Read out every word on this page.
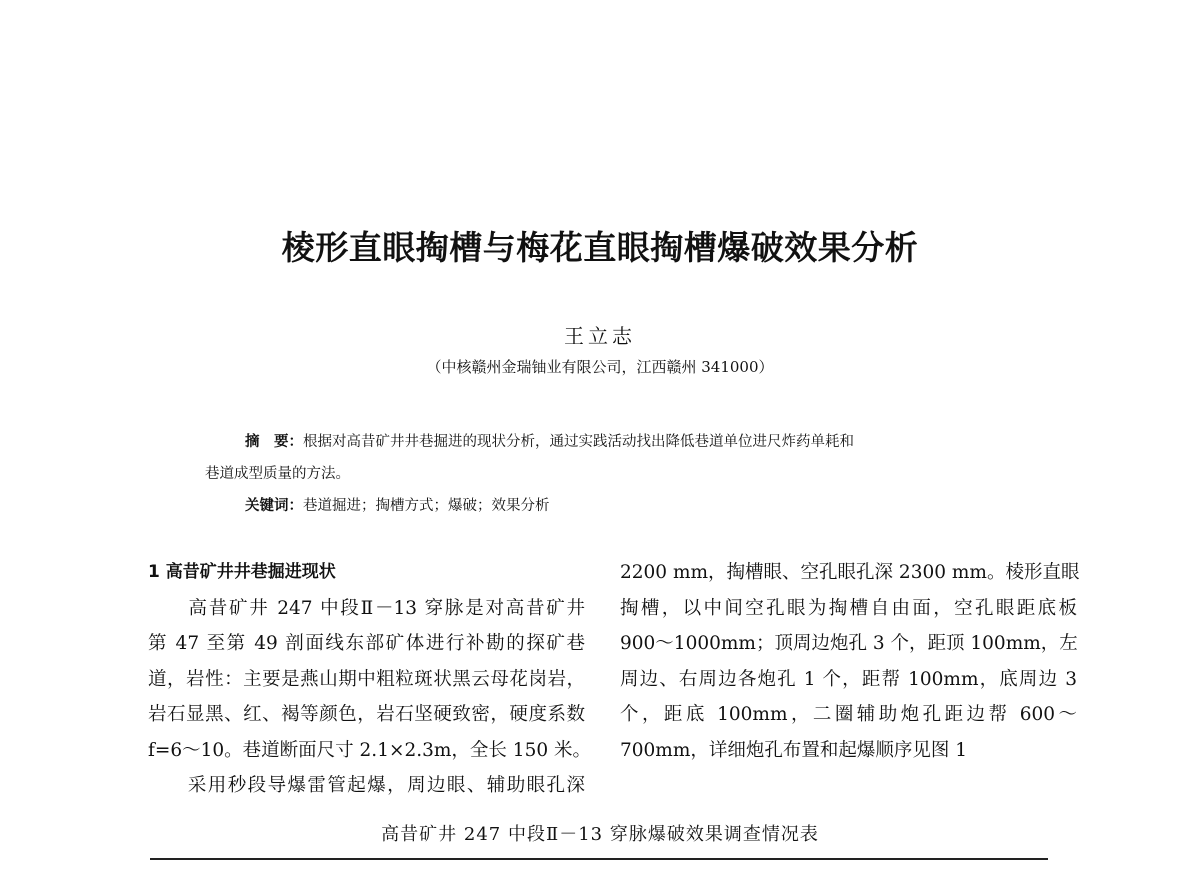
棱形直眼掏槽与梅花直眼掏槽爆破效果分析
王立志
（中核赣州金瑞铀业有限公司，江西赣州 341000）
摘　要：根据对高昔矿井井巷掘进的现状分析，通过实践活动找出降低巷道单位进尺炸药单耗和
巷道成型质量的方法。
关键词：巷道掘进；掏槽方式；爆破；效果分析

1 高昔矿井井巷掘进现状

　　高昔矿井 247 中段Ⅱ－13 穿脉是对高昔矿井

第 47 至第 49 剖面线东部矿体进行补勘的探矿巷

道，岩性：主要是燕山期中粗粒斑状黑云母花岗岩，

岩石显黑、红、褐等颜色，岩石坚硬致密，硬度系数

f=6～10。巷道断面尺寸 2.1×2.3m，全长 150 米。

　　采用秒段导爆雷管起爆，周边眼、辅助眼孔深

2200 mm，掏槽眼、空孔眼孔深 2300 mm。棱形直眼

掏槽，以中间空孔眼为掏槽自由面，空孔眼距底板

900～1000mm；顶周边炮孔 3 个，距顶 100mm，左

周边、右周边各炮孔 1 个，距帮 100mm，底周边 3

个，距底 100mm，二圈辅助炮孔距边帮 600～

700mm，详细炮孔布置和起爆顺序见图 1

高昔矿井 247 中段Ⅱ－13 穿脉爆破效果调查情况表
